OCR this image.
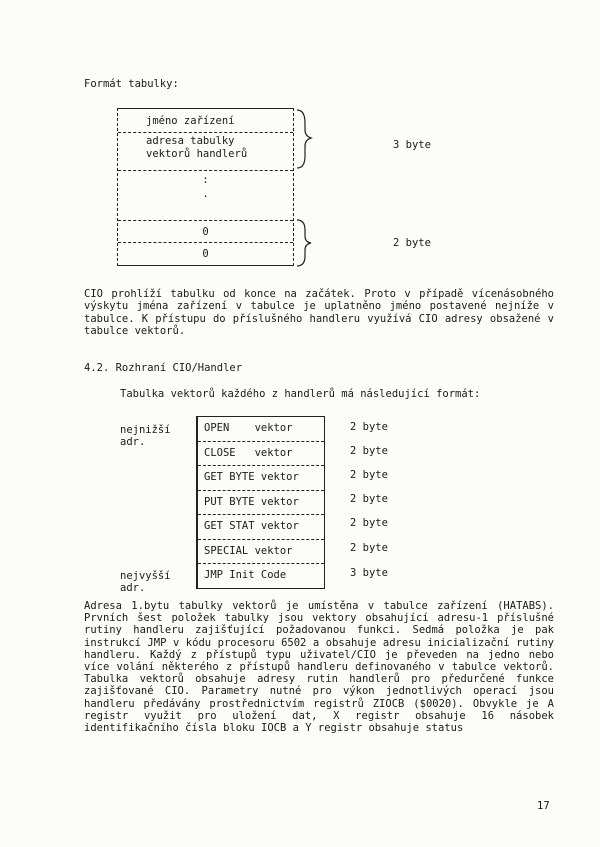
Formát tabulky:
jméno zařízení
adresa tabulky
vektorů handlerů
:
.
0
0
3 byte
2 byte
CIO prohlíží tabulku od konce na začátek. Proto v případě vícenásobného výskytu jména zařízení v tabulce je uplatněno jméno postavené nejníže v tabulce. K přístupu do příslušného handleru využívá CIO adresy obsažené v tabulce vektorů.
4.2. Rozhraní CIO/Handler
Tabulka vektorů každého z handlerů má následující formát:
nejnižší
adr.
nejvyšší
adr.
OPEN    vektor
CLOSE   vektor
GET BYTE vektor
PUT BYTE vektor
GET STAT vektor
SPECIAL vektor
JMP Init Code
2 byte
2 byte
2 byte
2 byte
2 byte
2 byte
3 byte
Adresa 1.bytu tabulky vektorů je umístěna v tabulce zařízení (HATABS). Prvních šest položek tabulky jsou vektory obsahující adresu-1 příslušné rutiny handleru zajišťující požadovanou funkci. Sedmá položka je pak instrukcí JMP v kódu procesoru 6502 a obsahuje adresu inicializační rutiny handleru. Každý z přístupů typu uživatel/CIO je převeden na jedno nebo více volání některého z přístupů handleru definovaného v tabulce vektorů. Tabulka vektorů obsahuje adresy rutin handlerů pro předurčené funkce zajišťované CIO. Parametry nutné pro výkon jednotlivých operací jsou handleru předávány prostřednictvím registrů ZIOCB ($0020). Obvykle je A registr využit pro uložení dat, X registr obsahuje 16 násobek identifikačního čísla bloku IOCB a Y registr obsahuje status
17
